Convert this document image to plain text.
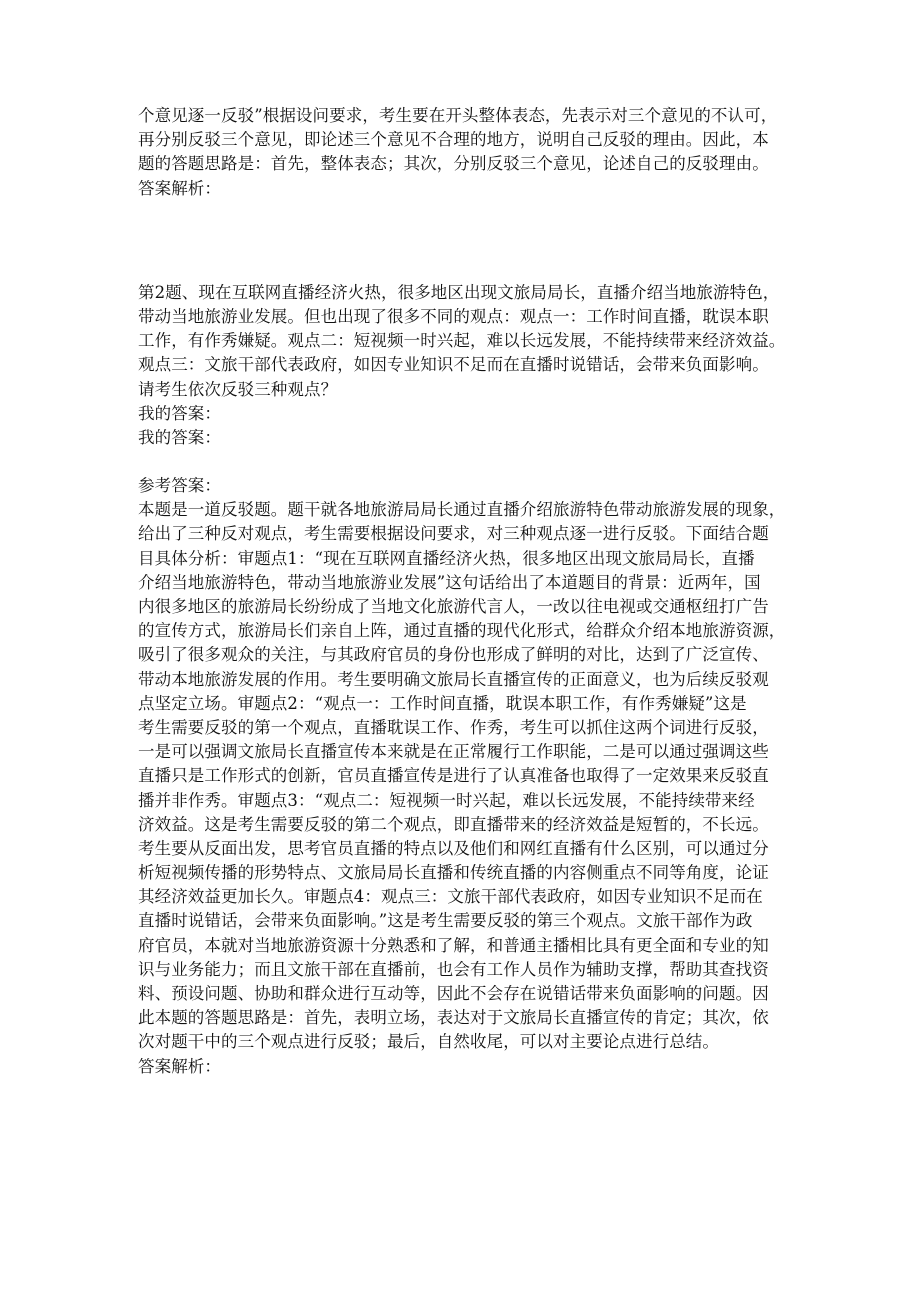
个意见逐一反驳”根据设问要求，考生要在开头整体表态，先表示对三个意见的不认可，
再分别反驳三个意见，即论述三个意见不合理的地方，说明自己反驳的理由。因此，本
题的答题思路是：首先，整体表态；其次，分别反驳三个意见，论述自己的反驳理由。
答案解析：
第2题、现在互联网直播经济火热，很多地区出现文旅局局长，直播介绍当地旅游特色，
带动当地旅游业发展。但也出现了很多不同的观点：观点一：工作时间直播，耽误本职
工作，有作秀嫌疑。观点二：短视频一时兴起，难以长远发展，不能持续带来经济效益。
观点三：文旅干部代表政府，如因专业知识不足而在直播时说错话，会带来负面影响。
请考生依次反驳三种观点？
我的答案：
我的答案：
参考答案：
本题是一道反驳题。题干就各地旅游局局长通过直播介绍旅游特色带动旅游发展的现象，
给出了三种反对观点，考生需要根据设问要求，对三种观点逐一进行反驳。下面结合题
目具体分析：审题点1：“现在互联网直播经济火热，很多地区出现文旅局局长，直播
介绍当地旅游特色，带动当地旅游业发展”这句话给出了本道题目的背景：近两年，国
内很多地区的旅游局长纷纷成了当地文化旅游代言人，一改以往电视或交通枢纽打广告
的宣传方式，旅游局长们亲自上阵，通过直播的现代化形式，给群众介绍本地旅游资源，
吸引了很多观众的关注，与其政府官员的身份也形成了鲜明的对比，达到了广泛宣传、
带动本地旅游发展的作用。考生要明确文旅局长直播宣传的正面意义，也为后续反驳观
点坚定立场。审题点2：“观点一：工作时间直播，耽误本职工作，有作秀嫌疑”这是
考生需要反驳的第一个观点，直播耽误工作、作秀，考生可以抓住这两个词进行反驳，
一是可以强调文旅局长直播宣传本来就是在正常履行工作职能，二是可以通过强调这些
直播只是工作形式的创新，官员直播宣传是进行了认真准备也取得了一定效果来反驳直
播并非作秀。审题点3：“观点二：短视频一时兴起，难以长远发展，不能持续带来经
济效益。这是考生需要反驳的第二个观点，即直播带来的经济效益是短暂的，不长远。
考生要从反面出发，思考官员直播的特点以及他们和网红直播有什么区别，可以通过分
析短视频传播的形势特点、文旅局局长直播和传统直播的内容侧重点不同等角度，论证
其经济效益更加长久。审题点4：观点三：文旅干部代表政府，如因专业知识不足而在
直播时说错话，会带来负面影响。”这是考生需要反驳的第三个观点。文旅干部作为政
府官员，本就对当地旅游资源十分熟悉和了解，和普通主播相比具有更全面和专业的知
识与业务能力；而且文旅干部在直播前，也会有工作人员作为辅助支撑，帮助其查找资
料、预设问题、协助和群众进行互动等，因此不会存在说错话带来负面影响的问题。因
此本题的答题思路是：首先，表明立场，表达对于文旅局长直播宣传的肯定；其次，依
次对题干中的三个观点进行反驳；最后，自然收尾，可以对主要论点进行总结。
答案解析：
